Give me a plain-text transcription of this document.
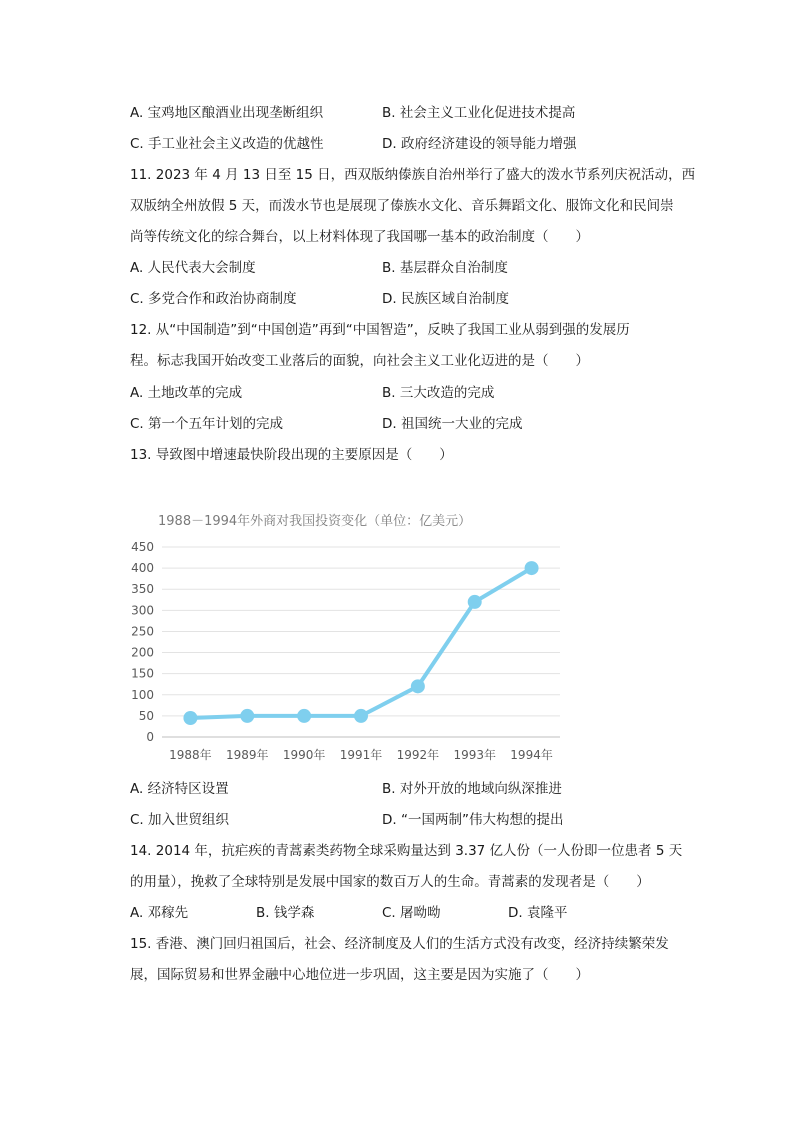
A. 宝鸡地区酿酒业出现垄断组织	B. 社会主义工业化促进技术提高
C. 手工业社会主义改造的优越性	D. 政府经济建设的领导能力增强
11. 2023 年 4 月 13 日至 15 日，西双版纳傣族自治州举行了盛大的泼水节系列庆祝活动，西
双版纳全州放假 5 天，而泼水节也是展现了傣族水文化、音乐舞蹈文化、服饰文化和民间崇
尚等传统文化的综合舞台，以上材料体现了我国哪一基本的政治制度（　　）
A. 人民代表大会制度	B. 基层群众自治制度
C. 多党合作和政治协商制度	D. 民族区域自治制度
12. 从“中国制造”到“中国创造”再到“中国智造”，反映了我国工业从弱到强的发展历
程。标志我国开始改变工业落后的面貌，向社会主义工业化迈进的是（　　）
A. 土地改革的完成	B. 三大改造的完成
C. 第一个五年计划的完成	D. 祖国统一大业的完成
13. 导致图中增速最快阶段出现的主要原因是（　　）
1988－1994年外商对我国投资变化（单位：亿美元）
0
50
100
150
200
250
300
350
400
450
1988年 1989年 1990年 1991年 1992年 1993年 1994年
A. 经济特区设置	B. 对外开放的地域向纵深推进
C. 加入世贸组织	D. “一国两制”伟大构想的提出
14. 2014 年，抗疟疾的青蒿素类药物全球采购量达到 3.37 亿人份（一人份即一位患者 5 天
的用量），挽救了全球特别是发展中国家的数百万人的生命。青蒿素的发现者是（　　）
A. 邓稼先	B. 钱学森	C. 屠呦呦	D. 袁隆平
15. 香港、澳门回归祖国后，社会、经济制度及人们的生活方式没有改变，经济持续繁荣发
展，国际贸易和世界金融中心地位进一步巩固，这主要是因为实施了（　　）
